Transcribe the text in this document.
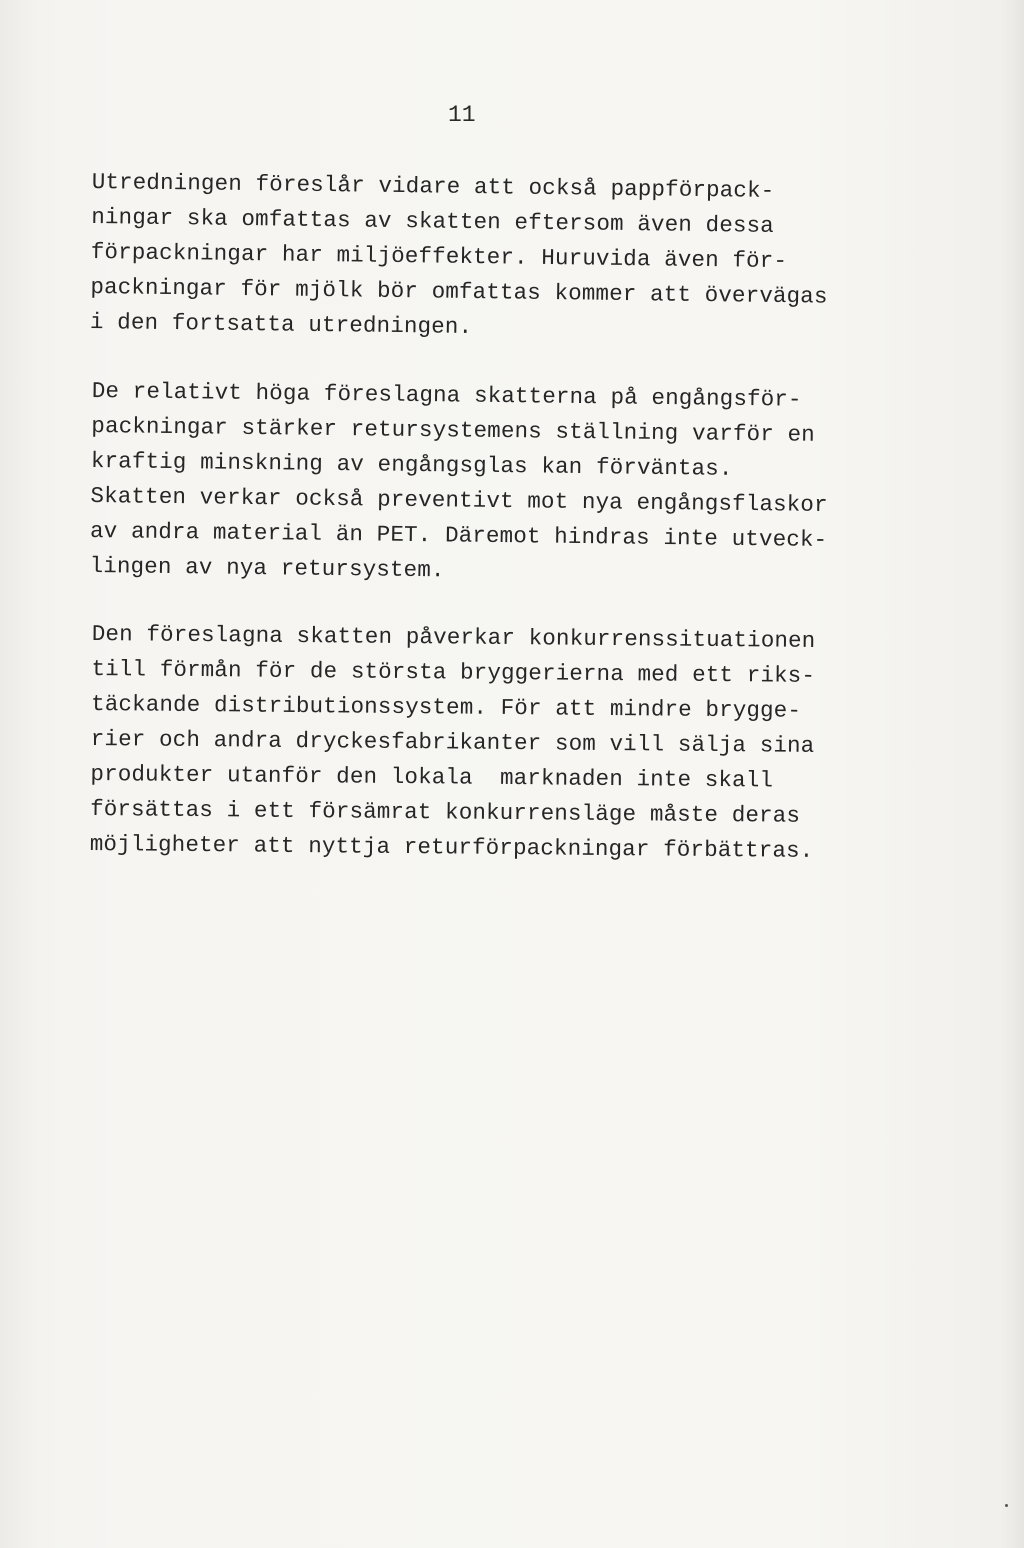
11

Utredningen föreslår vidare att också pappförpack-
ningar ska omfattas av skatten eftersom även dessa
förpackningar har miljöeffekter. Huruvida även för-
packningar för mjölk bör omfattas kommer att övervägas
i den fortsatta utredningen.
De relativt höga föreslagna skatterna på engångsför-
packningar stärker retursystemens ställning varför en
kraftig minskning av engångsglas kan förväntas.
Skatten verkar också preventivt mot nya engångsflaskor
av andra material än PET. Däremot hindras inte utveck-
lingen av nya retursystem.
Den föreslagna skatten påverkar konkurrenssituationen
till förmån för de största bryggerierna med ett riks-
täckande distributionssystem. För att mindre brygge-
rier och andra dryckesfabrikanter som vill sälja sina
produkter utanför den lokala  marknaden inte skall
försättas i ett försämrat konkurrensläge måste deras
möjligheter att nyttja returförpackningar förbättras.
